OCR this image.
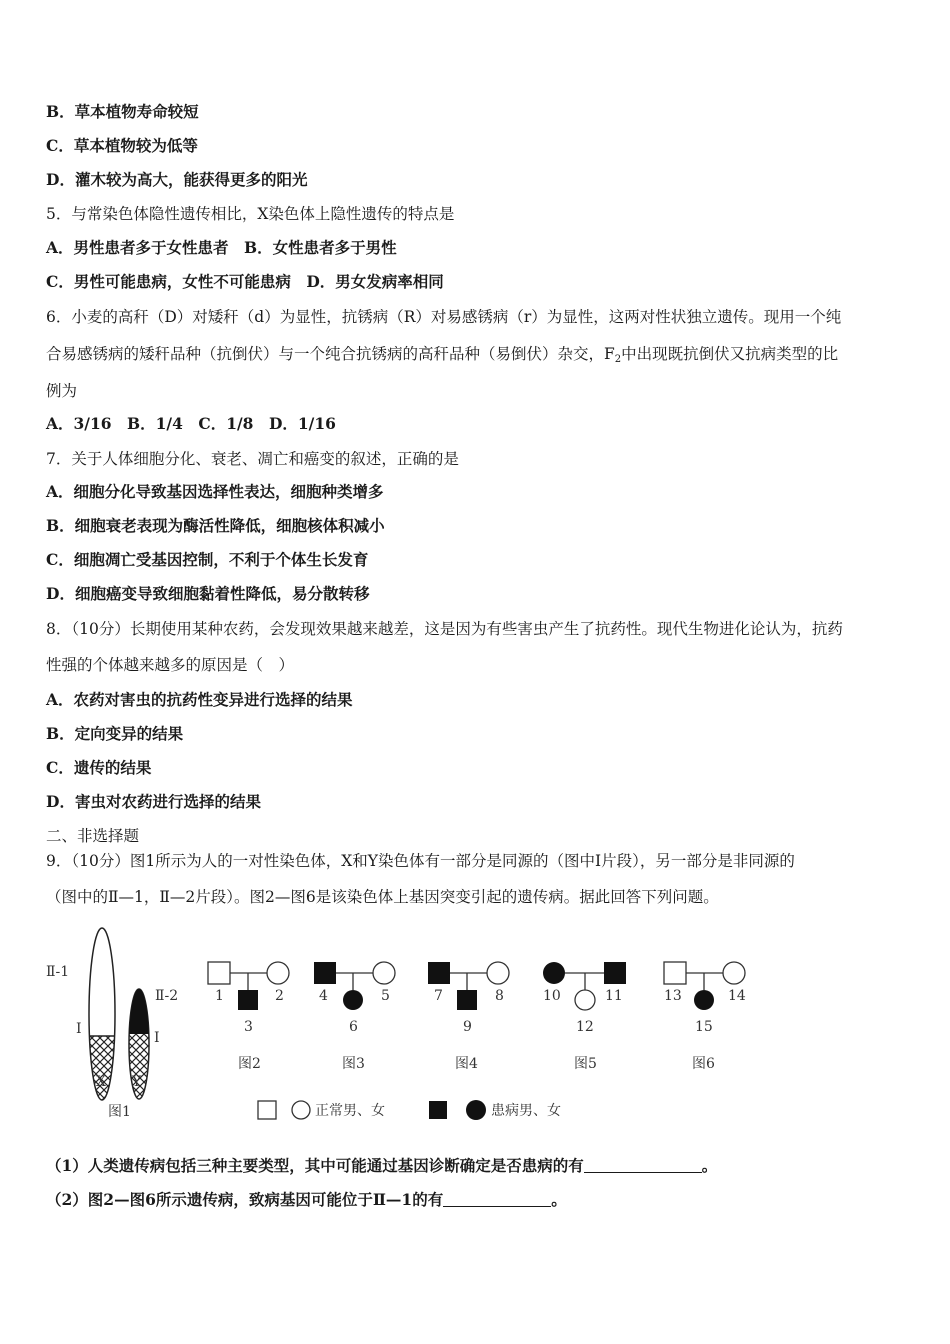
B．草本植物寿命较短
C．草本植物较为低等
D．灌木较为高大，能获得更多的阳光
5．与常染色体隐性遗传相比，X染色体上隐性遗传的特点是
A．男性患者多于女性患者　B．女性患者多于男性
C．男性可能患病，女性不可能患病　D．男女发病率相同
6．小麦的高秆（D）对矮秆（d）为显性，抗锈病（R）对易感锈病（r）为显性，这两对性状独立遗传。现用一个纯
合易感锈病的矮秆品种（抗倒伏）与一个纯合抗锈病的高秆品种（易倒伏）杂交，$F_2$中出现既抗倒伏又抗病类型的比
例为
A．3/16　B．1/4　C．1/8　D．1/16
7．关于人体细胞分化、衰老、凋亡和癌变的叙述，正确的是
A．细胞分化导致基因选择性表达，细胞种类增多
B．细胞衰老表现为酶活性降低，细胞核体积减小
C．细胞凋亡受基因控制，不利于个体生长发育
D．细胞癌变导致细胞黏着性降低，易分散转移
8．（10分）长期使用某种农药，会发现效果越来越差，这是因为有些害虫产生了抗药性。现代生物进化论认为，抗药
性强的个体越来越多的原因是（　）
A．农药对害虫的抗药性变异进行选择的结果
B．定向变异的结果
C．遗传的结果
D．害虫对农药进行选择的结果
二、非选择题
9．（10分）图1所示为人的一对性染色体，X和Y染色体有一部分是同源的（图中Ⅰ片段），另一部分是非同源的
（图中的Ⅱ—1，Ⅱ—2片段）。图2—图6是该染色体上基因突变引起的遗传病。据此回答下列问题。
Ⅱ-1
Ⅱ-2
Ⅰ
Ⅰ
X Y
图1
1	2
3
图2
4	5
6
图3
7	8
9
图4
10	11
12
图5
13	14
15
图6
正常男、女	患病男、女
（1）人类遗传病包括三种主要类型，其中可能通过基因诊断确定是否患病的有	。
（2）图2—图6所示遗传病，致病基因可能位于Ⅱ—1的有	。
